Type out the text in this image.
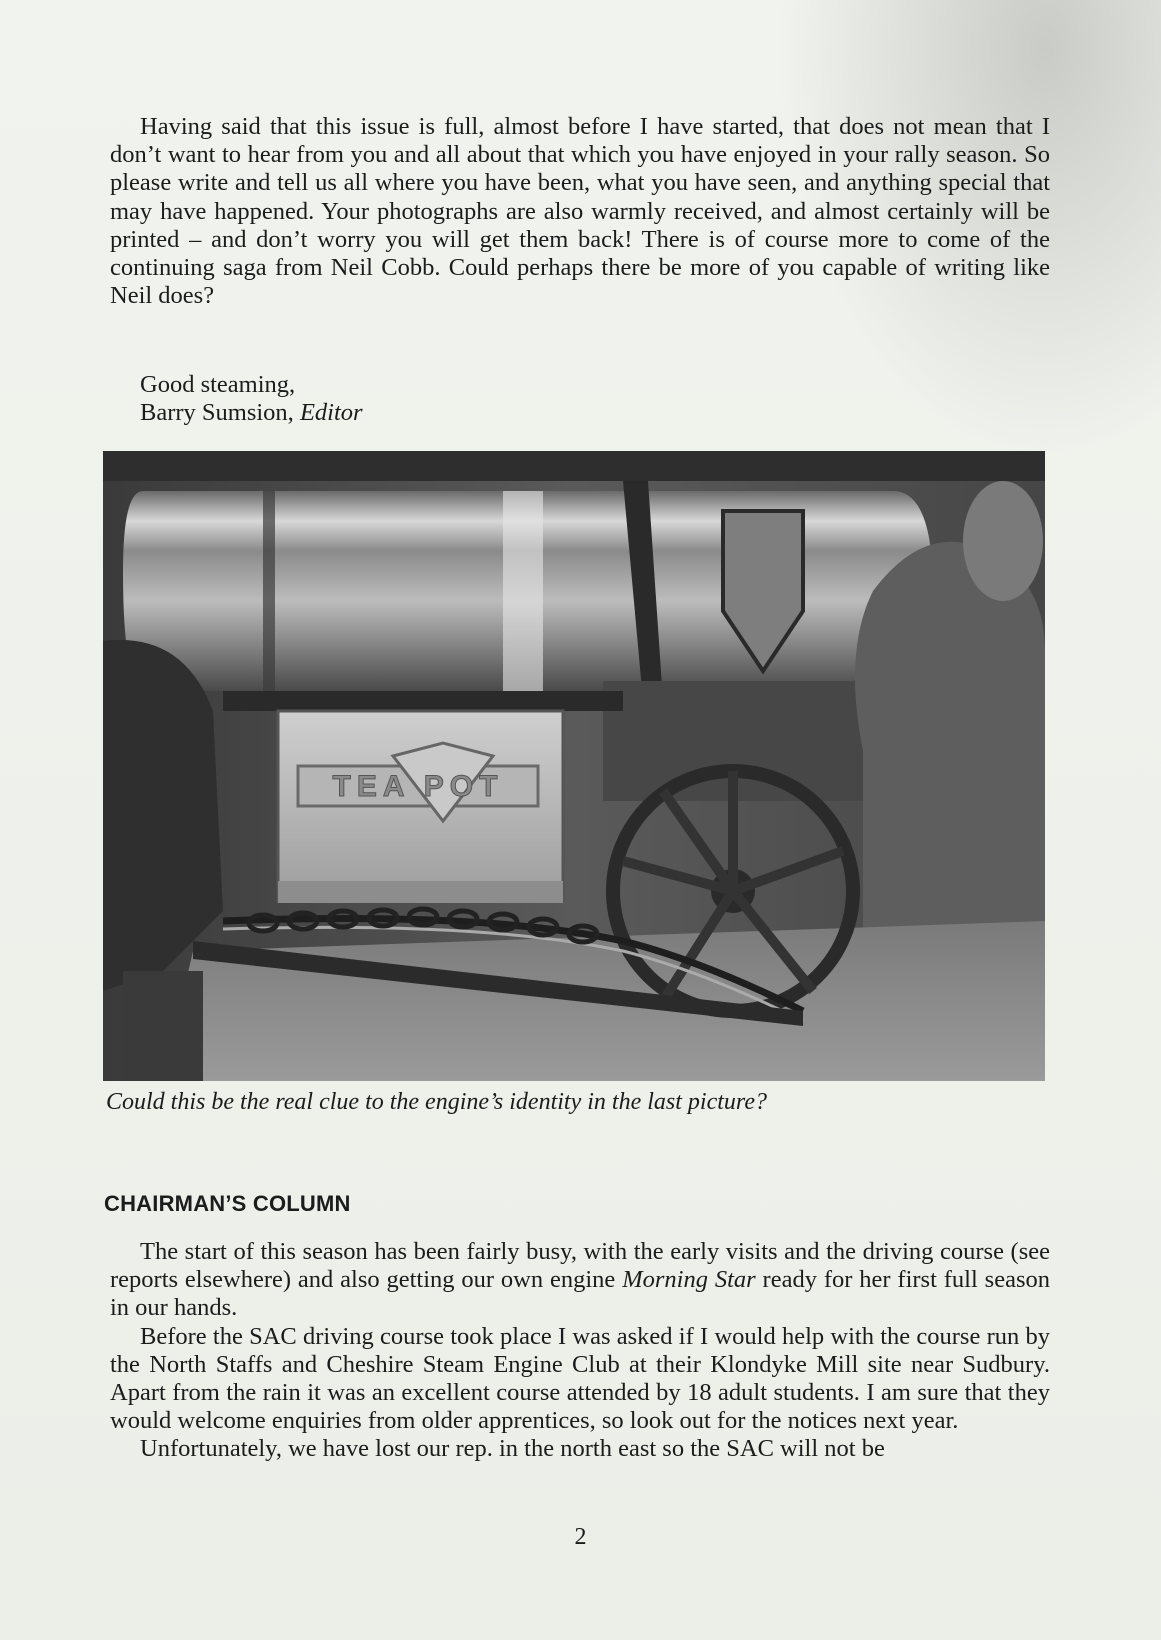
Having said that this issue is full, almost before I have started, that does not mean that I don’t want to hear from you and all about that which you have enjoyed in your rally season. So please write and tell us all where you have been, what you have seen, and anything special that may have happened. Your photographs are also warmly received, and almost certainly will be printed – and don’t worry you will get them back! There is of course more to come of the continuing saga from Neil Cobb. Could perhaps there be more of you capable of writing like Neil does?

Good steaming,
Barry Sumsion, Editor
TEA POT
Could this be the real clue to the engine’s identity in the last picture?
CHAIRMAN’S COLUMN

The start of this season has been fairly busy, with the early visits and the driving course (see reports elsewhere) and also getting our own engine Morning Star ready for her first full season in our hands.

Before the SAC driving course took place I was asked if I would help with the course run by the North Staffs and Cheshire Steam Engine Club at their Klondyke Mill site near Sudbury. Apart from the rain it was an excellent course attended by 18 adult students. I am sure that they would welcome enquiries from older apprentices, so look out for the notices next year.

Unfortunately, we have lost our rep. in the north east so the SAC will not be

2
